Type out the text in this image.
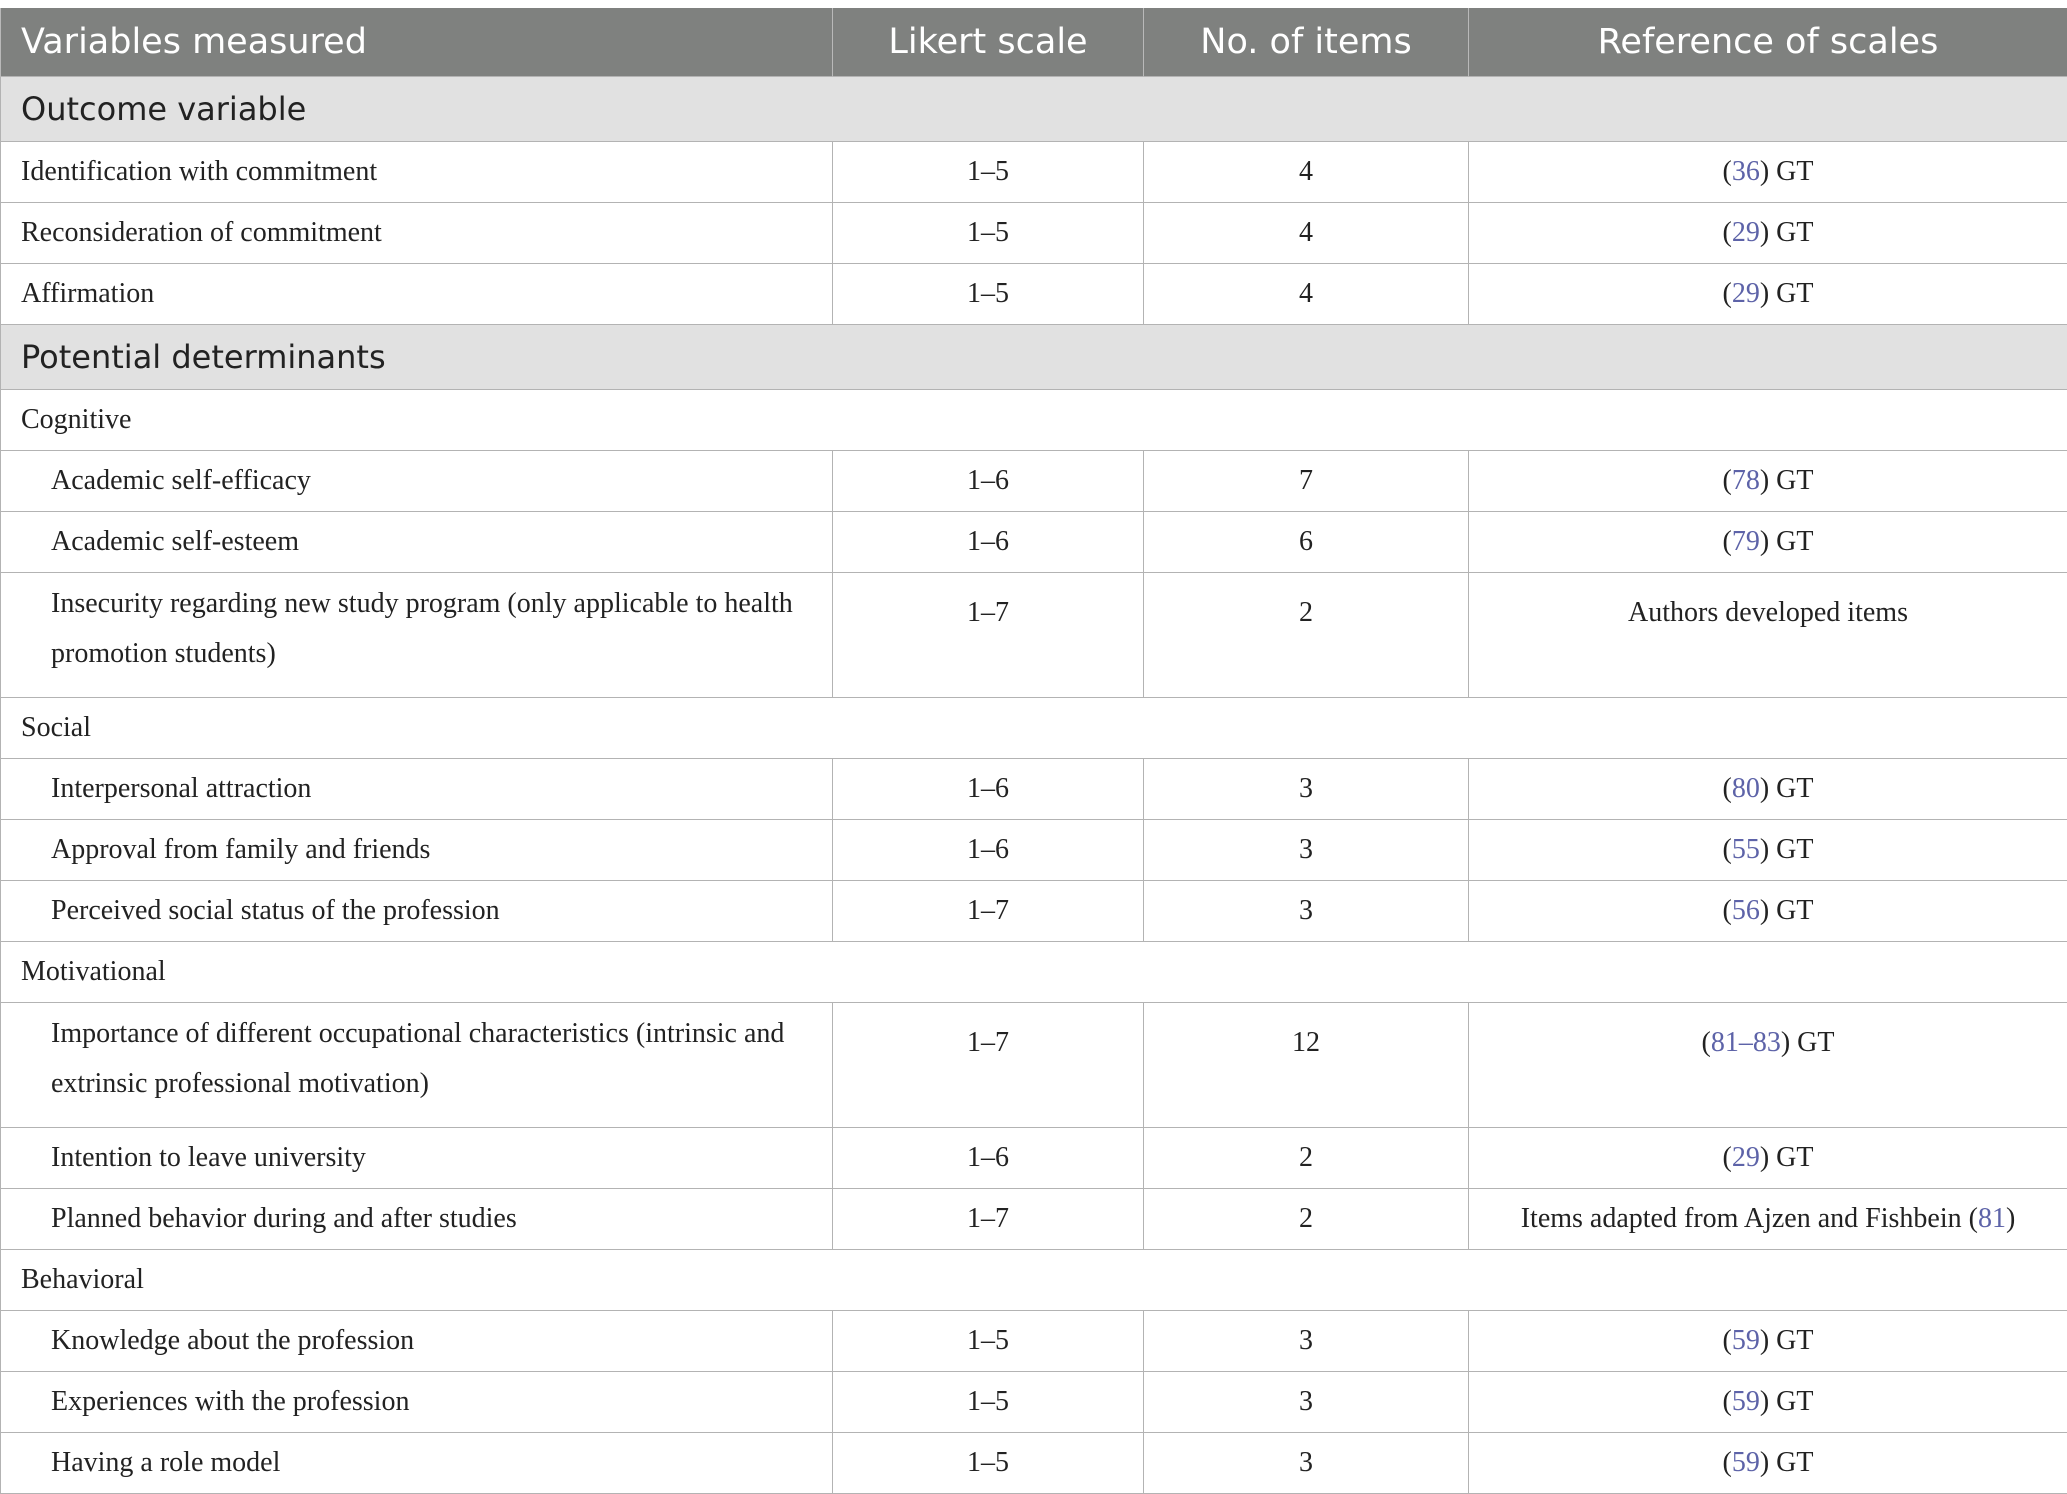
Variables measured	Likert scale	No. of items	Reference of scales
Outcome variable			
Identification with commitment	1–5	4	(36) GT
Reconsideration of commitment	1–5	4	(29) GT
Affirmation	1–5	4	(29) GT
Potential determinants			
Cognitive			
Academic self-efficacy	1–6	7	(78) GT
Academic self-esteem	1–6	6	(79) GT
Insecurity regarding new study program (only applicable to health promotion students)	1–7	2	Authors developed items
Social			
Interpersonal attraction	1–6	3	(80) GT
Approval from family and friends	1–6	3	(55) GT
Perceived social status of the profession	1–7	3	(56) GT
Motivational			
Importance of different occupational characteristics (intrinsic and extrinsic professional motivation)	1–7	12	(81–83) GT
Intention to leave university	1–6	2	(29) GT
Planned behavior during and after studies	1–7	2	Items adapted from Ajzen and Fishbein (81)
Behavioral			
Knowledge about the profession	1–5	3	(59) GT
Experiences with the profession	1–5	3	(59) GT
Having a role model	1–5	3	(59) GT
